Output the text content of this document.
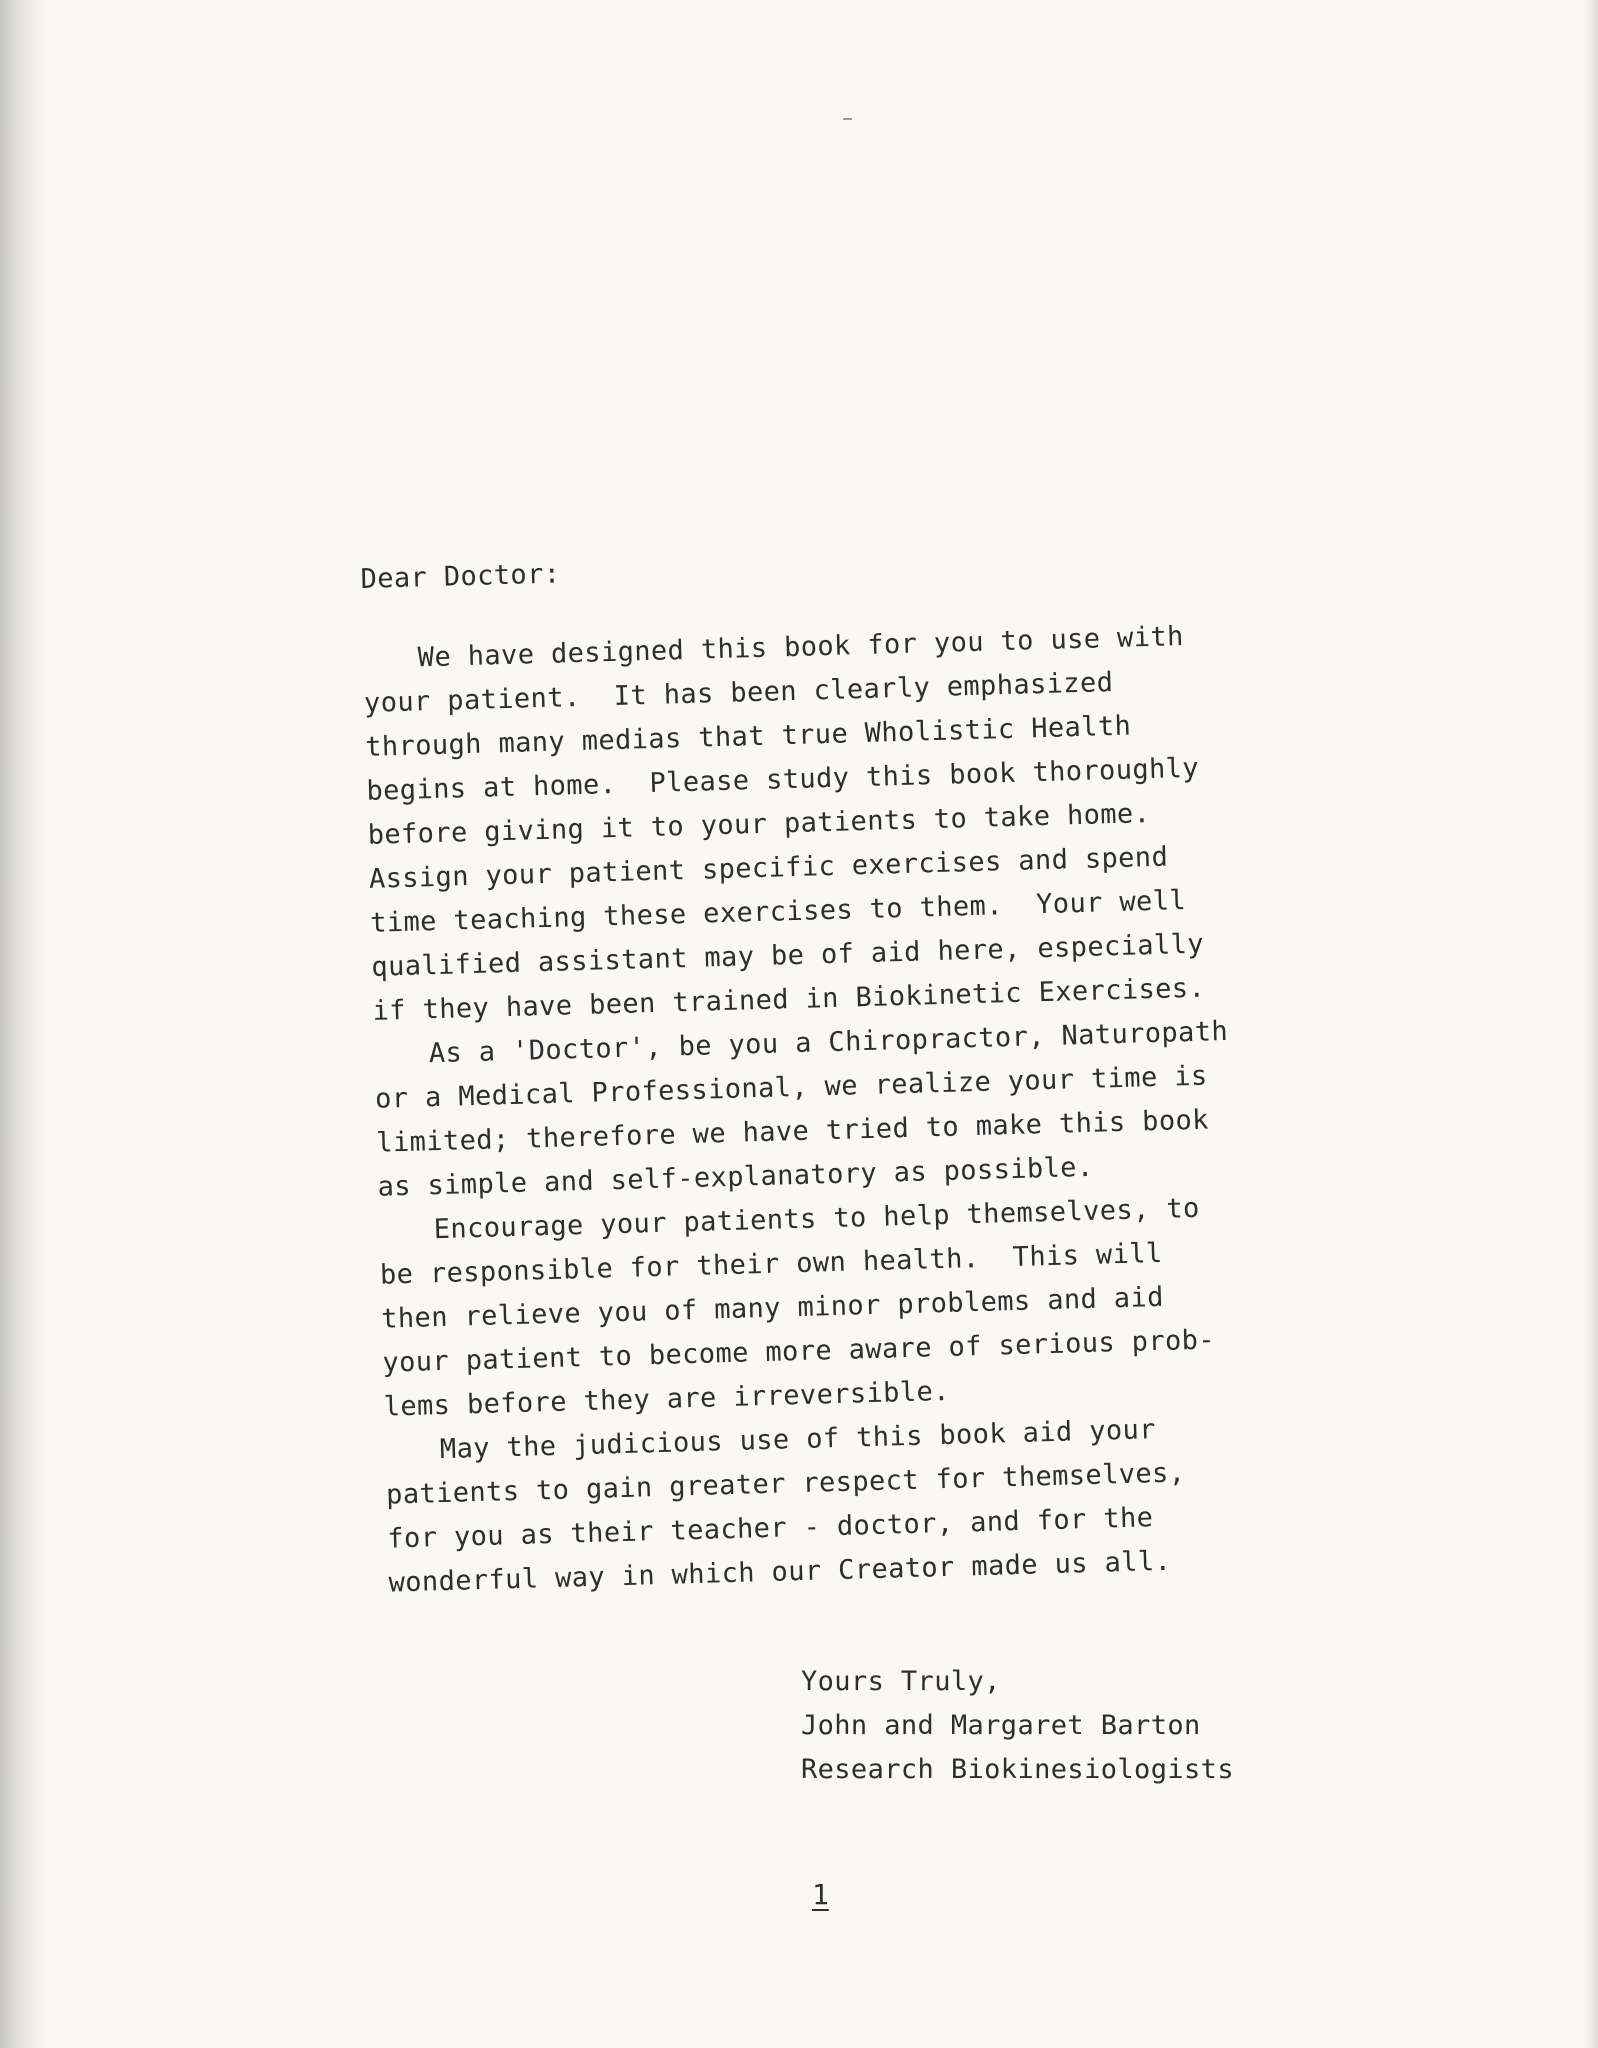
Dear Doctor:
We have designed this book for you to use with
your patient.  It has been clearly emphasized
through many medias that true Wholistic Health
begins at home.  Please study this book thoroughly
before giving it to your patients to take home.
Assign your patient specific exercises and spend
time teaching these exercises to them.  Your well
qualified assistant may be of aid here, especially
if they have been trained in Biokinetic Exercises.
As a 'Doctor', be you a Chiropractor, Naturopath
or a Medical Professional, we realize your time is
limited; therefore we have tried to make this book
as simple and self-explanatory as possible.
Encourage your patients to help themselves, to
be responsible for their own health.  This will
then relieve you of many minor problems and aid
your patient to become more aware of serious prob-
lems before they are irreversible.
May the judicious use of this book aid your
patients to gain greater respect for themselves,
for you as their teacher - doctor, and for the
wonderful way in which our Creator made us all.
Yours Truly,
John and Margaret Barton
Research Biokinesiologists
1
